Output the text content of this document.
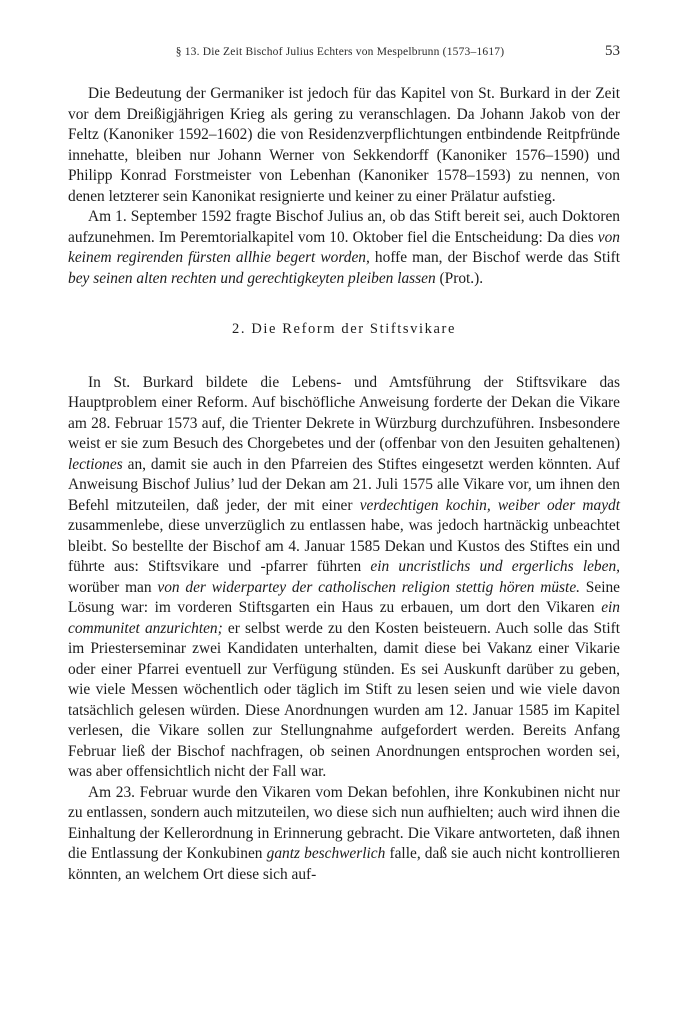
§ 13. Die Zeit Bischof Julius Echters von Mespelbrunn (1573–1617)	53

Die Bedeutung der Germaniker ist jedoch für das Kapitel von St. Burkard in der Zeit vor dem Dreißigjährigen Krieg als gering zu veranschlagen. Da Johann Jakob von der Feltz (Kanoniker 1592–1602) die von Residenzverpflichtungen entbindende Reitpfründe innehatte, bleiben nur Johann Werner von Sekkendorff (Kanoniker 1576–1590) und Philipp Konrad Forstmeister von Lebenhan (Kanoniker 1578–1593) zu nennen, von denen letzterer sein Kanonikat resignierte und keiner zu einer Prälatur aufstieg.

Am 1. September 1592 fragte Bischof Julius an, ob das Stift bereit sei, auch Doktoren aufzunehmen. Im Peremtorialkapitel vom 10. Oktober fiel die Entscheidung: Da dies von keinem regirenden fürsten allhie begert worden, hoffe man, der Bischof werde das Stift bey seinen alten rechten und gerechtigkeyten pleiben lassen (Prot.).

2. Die Reform der Stiftsvikare

In St. Burkard bildete die Lebens- und Amtsführung der Stiftsvikare das Hauptproblem einer Reform. Auf bischöfliche Anweisung forderte der Dekan die Vikare am 28. Februar 1573 auf, die Trienter Dekrete in Würzburg durchzuführen. Insbesondere weist er sie zum Besuch des Chorgebetes und der (offenbar von den Jesuiten gehaltenen) lectiones an, damit sie auch in den Pfarreien des Stiftes eingesetzt werden könnten. Auf Anweisung Bischof Julius’ lud der Dekan am 21. Juli 1575 alle Vikare vor, um ihnen den Befehl mitzuteilen, daß jeder, der mit einer verdechtigen kochin, weiber oder maydt zusammenlebe, diese unverzüglich zu entlassen habe, was jedoch hartnäckig unbeachtet bleibt. So bestellte der Bischof am 4. Januar 1585 Dekan und Kustos des Stiftes ein und führte aus: Stiftsvikare und -pfarrer führten ein uncristlichs und ergerlichs leben, worüber man von der widerpartey der catholischen religion stettig hören müste. Seine Lösung war: im vorderen Stiftsgarten ein Haus zu erbauen, um dort den Vikaren ein communitet anzurichten; er selbst werde zu den Kosten beisteuern. Auch solle das Stift im Priesterseminar zwei Kandidaten unterhalten, damit diese bei Vakanz einer Vikarie oder einer Pfarrei eventuell zur Verfügung stünden. Es sei Auskunft darüber zu geben, wie viele Messen wöchentlich oder täglich im Stift zu lesen seien und wie viele davon tatsächlich gelesen würden. Diese Anordnungen wurden am 12. Januar 1585 im Kapitel verlesen, die Vikare sollen zur Stellungnahme aufgefordert werden. Bereits Anfang Februar ließ der Bischof nachfragen, ob seinen Anordnungen entsprochen worden sei, was aber offensichtlich nicht der Fall war.

Am 23. Februar wurde den Vikaren vom Dekan befohlen, ihre Konkubinen nicht nur zu entlassen, sondern auch mitzuteilen, wo diese sich nun aufhielten; auch wird ihnen die Einhaltung der Kellerordnung in Erinnerung gebracht. Die Vikare antworteten, daß ihnen die Entlassung der Konkubinen gantz beschwerlich falle, daß sie auch nicht kontrollieren könnten, an welchem Ort diese sich auf-
